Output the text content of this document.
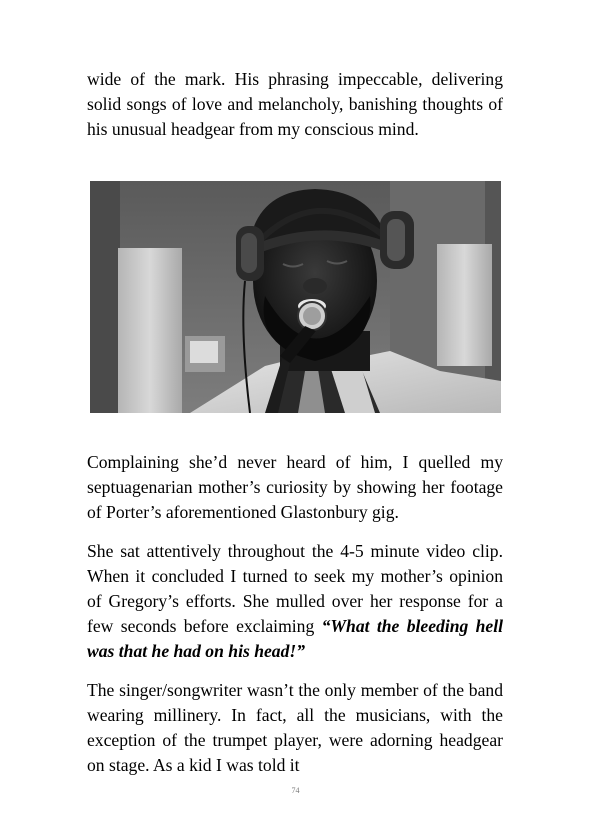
wide of the mark. His phrasing impeccable, delivering solid songs of love and melancholy, banishing thoughts of his unusual headgear from my conscious mind.

Complaining she’d never heard of him, I quelled my septuagenarian mother’s curiosity by showing her footage of Porter’s aforementioned Glastonbury gig.

She sat attentively throughout the 4-5 minute video clip. When it concluded I turned to seek my mother’s opinion of Gregory’s efforts. She mulled over her response for a few seconds before exclaiming “What the bleeding hell was that he had on his head!”

The singer/songwriter wasn’t the only member of the band wearing millinery. In fact, all the musicians, with the exception of the trumpet player, were adorning headgear on stage. As a kid I was told it

74
